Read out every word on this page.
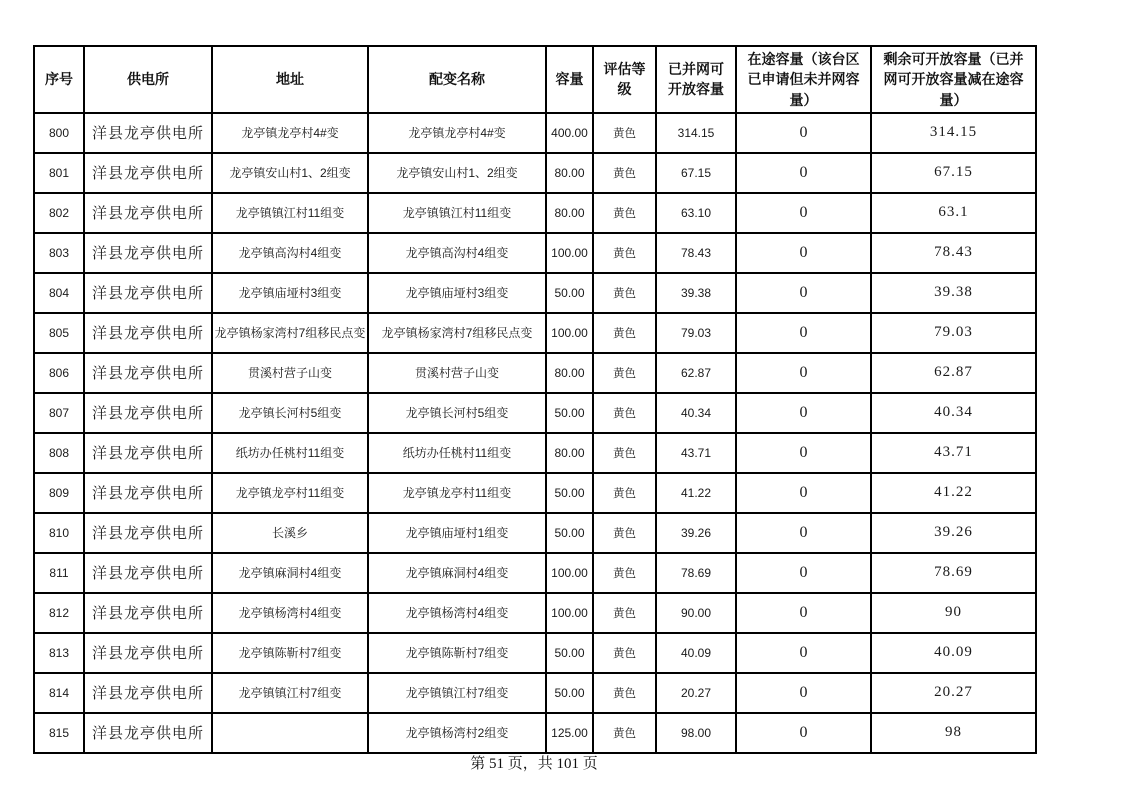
序号	供电所	地址	配变名称	容量	评估等级	已并网可开放容量	在途容量（该台区已申请但未并网容量）	剩余可开放容量（已并网可开放容量减在途容量）
800	洋县龙亭供电所	龙亭镇龙亭村4#变	龙亭镇龙亭村4#变	400.00	黄色	314.15	0	314.15
801	洋县龙亭供电所	龙亭镇安山村1、2组变	龙亭镇安山村1、2组变	80.00	黄色	67.15	0	67.15
802	洋县龙亭供电所	龙亭镇镇江村11组变	龙亭镇镇江村11组变	80.00	黄色	63.10	0	63.1
803	洋县龙亭供电所	龙亭镇高沟村4组变	龙亭镇高沟村4组变	100.00	黄色	78.43	0	78.43
804	洋县龙亭供电所	龙亭镇庙垭村3组变	龙亭镇庙垭村3组变	50.00	黄色	39.38	0	39.38
805	洋县龙亭供电所	龙亭镇杨家湾村7组移民点变	龙亭镇杨家湾村7组移民点变	100.00	黄色	79.03	0	79.03
806	洋县龙亭供电所	贯溪村营子山变	贯溪村营子山变	80.00	黄色	62.87	0	62.87
807	洋县龙亭供电所	龙亭镇长河村5组变	龙亭镇长河村5组变	50.00	黄色	40.34	0	40.34
808	洋县龙亭供电所	纸坊办任桃村11组变	纸坊办任桃村11组变	80.00	黄色	43.71	0	43.71
809	洋县龙亭供电所	龙亭镇龙亭村11组变	龙亭镇龙亭村11组变	50.00	黄色	41.22	0	41.22
810	洋县龙亭供电所	长溪乡	龙亭镇庙垭村1组变	50.00	黄色	39.26	0	39.26
811	洋县龙亭供电所	龙亭镇麻洞村4组变	龙亭镇麻洞村4组变	100.00	黄色	78.69	0	78.69
812	洋县龙亭供电所	龙亭镇杨湾村4组变	龙亭镇杨湾村4组变	100.00	黄色	90.00	0	90
813	洋县龙亭供电所	龙亭镇陈靳村7组变	龙亭镇陈靳村7组变	50.00	黄色	40.09	0	40.09
814	洋县龙亭供电所	龙亭镇镇江村7组变	龙亭镇镇江村7组变	50.00	黄色	20.27	0	20.27
815	洋县龙亭供电所		龙亭镇杨湾村2组变	125.00	黄色	98.00	0	98
第 51 页，共 101 页
